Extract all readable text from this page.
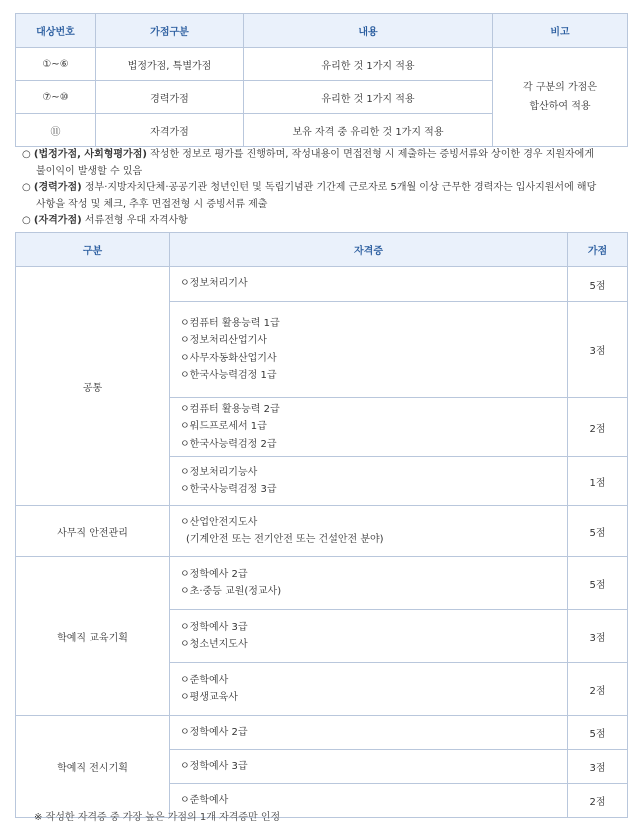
대상번호	가점구분	내용	비고
①~⑥	법정가점, 특별가점	유리한 것 1가지 적용	각 구분의 가점은
합산하여 적용
⑦~⑩	경력가점	유리한 것 1가지 적용	
⑪	자격가점	보유 자격 중 유리한 것 1가지 적용	

○ (법정가점, 사회형평가점) 작성한 정보로 평가를 진행하며, 작성내용이 면접전형 시 제출하는 증빙서류와 상이한 경우 지원자에게
불이익이 발생할 수 있음

○ (경력가점) 정부·지방자치단체·공공기관 청년인턴 및 독립기념관 기간제 근로자로 5개월 이상 근무한 경력자는 입사지원서에 해당
사항을 작성 및 체크, 추후 면접전형 시 증빙서류 제출

○ (자격가점) 서류전형 우대 자격사항

구분	자격증	가점
공통	ㅇ정보처리기사	5점

	ㅇ컴퓨터 활용능력 1급
ㅇ정보처리산업기사
ㅇ사무자동화산업기사
ㅇ한국사능력검정 1급	3점

	ㅇ컴퓨터 활용능력 2급
ㅇ워드프로세서 1급
ㅇ한국사능력검정 2급	2점

	ㅇ정보처리기능사
ㅇ한국사능력검정 3급	1점
사무직 안전관리	ㅇ산업안전지도사
(기계안전 또는 전기안전 또는 건설안전 분야)	5점
학예직 교육기획	ㅇ정학예사 2급
ㅇ초·중등 교원(정교사)	5점

	ㅇ정학예사 3급
ㅇ청소년지도사	3점

	ㅇ준학예사
ㅇ평생교육사	2점
학예직 전시기획	ㅇ정학예사 2급	5점

	ㅇ정학예사 3급	3점

	ㅇ준학예사	2점
※ 작성한 자격증 중 가장 높은 가점의 1개 자격증만 인정
